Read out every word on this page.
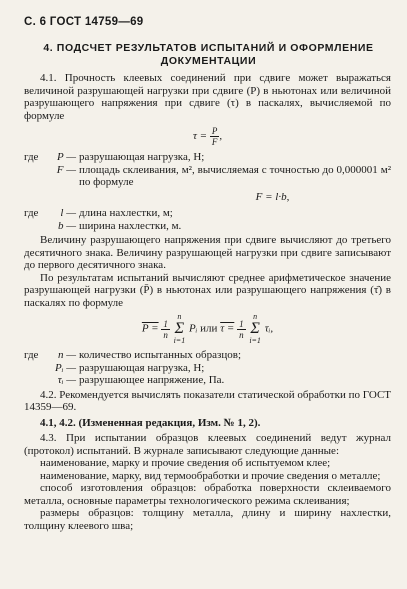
С. 6 ГОСТ 14759—69
4. ПОДСЧЕТ РЕЗУЛЬТАТОВ ИСПЫТАНИЙ И ОФОРМЛЕНИЕ
ДОКУМЕНТАЦИИ

4.1. Прочность клеевых соединений при сдвиге может выражаться величиной разрушающей нагрузки при сдвиге (P) в ньютонах или величиной разрушающего напряжения при сдвиге (τ) в паскалях, вычисляемой по формуле

$\tau = \frac{P}{F}$ ,
где	P — разрушающая нагрузка, Н;
F — площадь склеивания, м², вычисляемая с точностью до 0,000001 м² по формуле
F = l·b,
где	l — длина нахлестки, м;
b — ширина нахлестки, м.

Величину разрушающего напряжения при сдвиге вычисляют до третьего десятичного знака. Величину разрушающей нагрузки при сдвиге записывают до первого десятичного знака.

По результатам испытаний вычисляют среднее арифметическое значение разрушающей нагрузки (P̄) в ньютонах или разрушающего напряжения (τ̄) в паскалях по формуле

$P = \frac{1}{n}$
n
Σ
i=1 Pᵢ или $\tau = \frac{1}{n}$
n
Σ
i=1 τᵢ,
где	n — количество испытанных образцов;
Pᵢ — разрушающая нагрузка, Н;
τᵢ — разрушающее напряжение, Па.

4.2. Рекомендуется вычислять показатели статической обработки по ГОСТ 14359—69.

4.1, 4.2. (Измененная редакция, Изм. № 1, 2).

4.3. При испытании образцов клеевых соединений ведут журнал (протокол) испытаний. В журнале записывают следующие данные:

наименование, марку и прочие сведения об испытуемом клее;

наименование, марку, вид термообработки и прочие сведения о металле;

способ изготовления образцов: обработка поверхности склеиваемого металла, основные параметры технологического режима склеивания;

размеры образцов: толщину металла, длину и ширину нахлестки, толщину клеевого шва;
